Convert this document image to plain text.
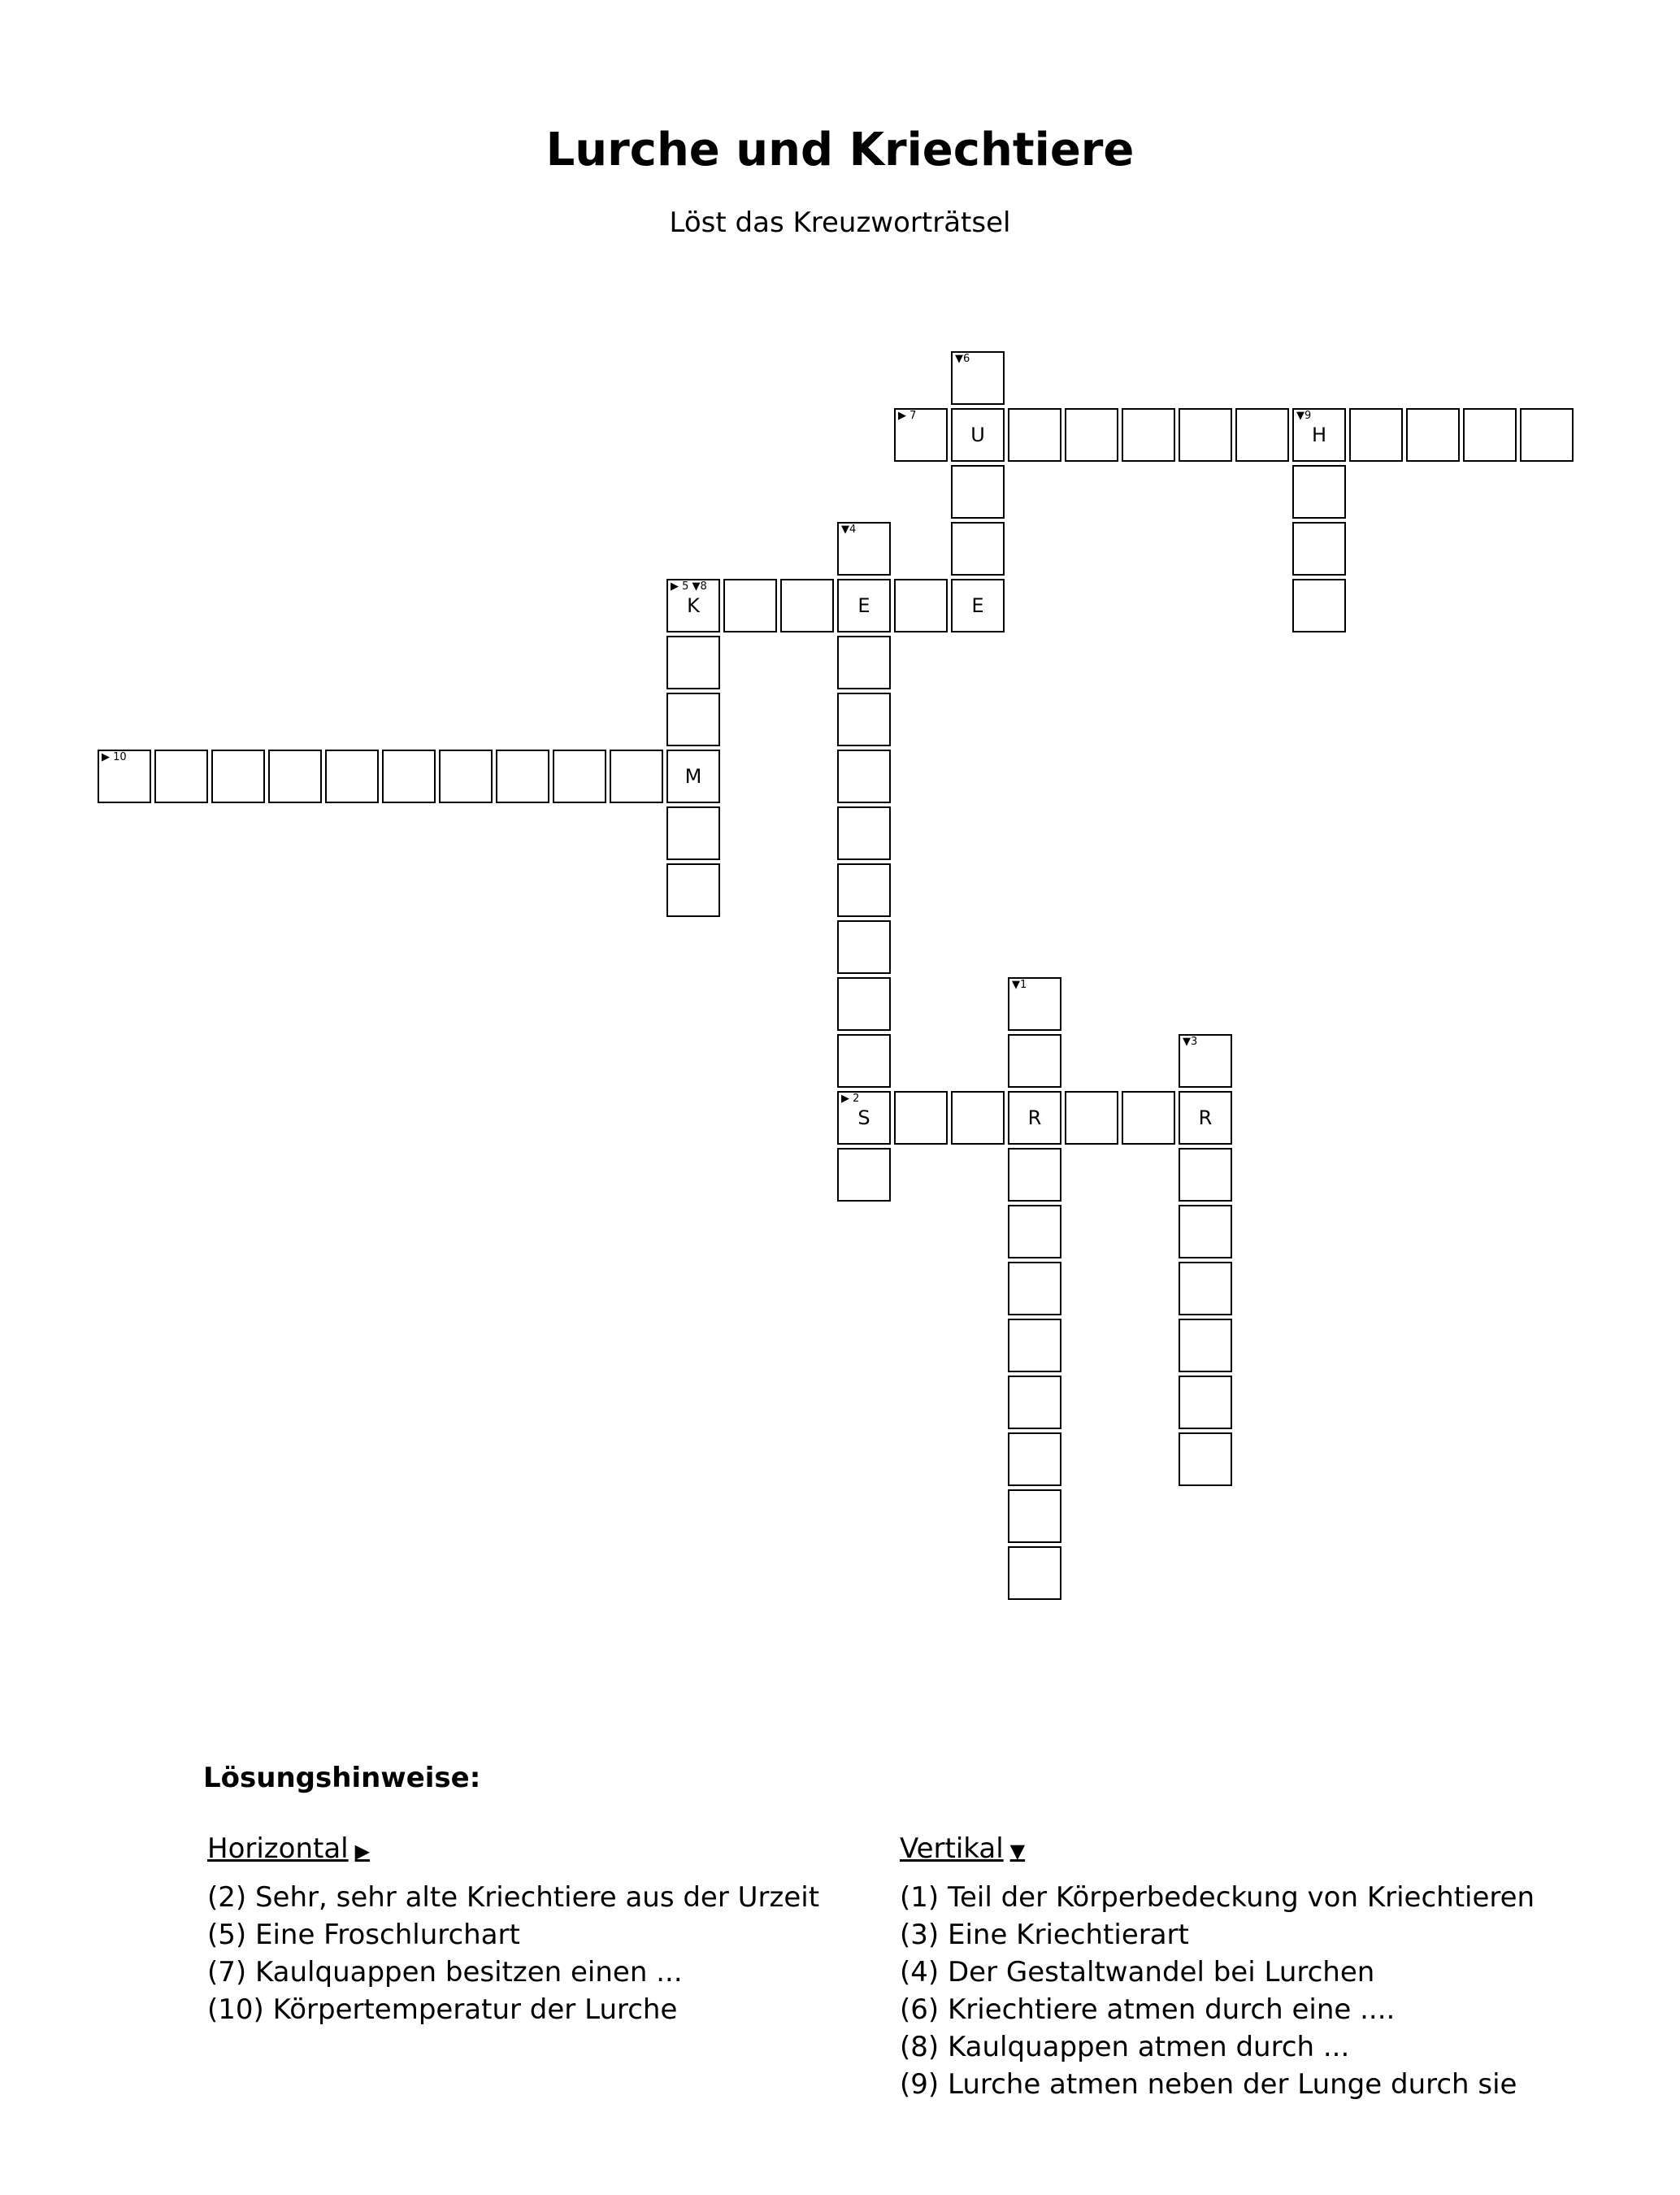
Lurche und Kriechtiere
Löst das Kreuzworträtsel
▶ 7
U
▼9
H
▼6
E
▶ 5 ▼8
K	E
M
▼4
▶ 2
S
▶ 10
R	R
▼1
▼3
Lösungshinweise:
Horizontal ▶
(2) Sehr, sehr alte Kriechtiere aus der Urzeit
(5) Eine Froschlurchart
(7) Kaulquappen besitzen einen ...
(10) Körpertemperatur der Lurche
Vertikal ▼
(1) Teil der Körperbedeckung von Kriechtieren
(3) Eine Kriechtierart
(4) Der Gestaltwandel bei Lurchen
(6) Kriechtiere atmen durch eine ....
(8) Kaulquappen atmen durch ...
(9) Lurche atmen neben der Lunge durch sie
